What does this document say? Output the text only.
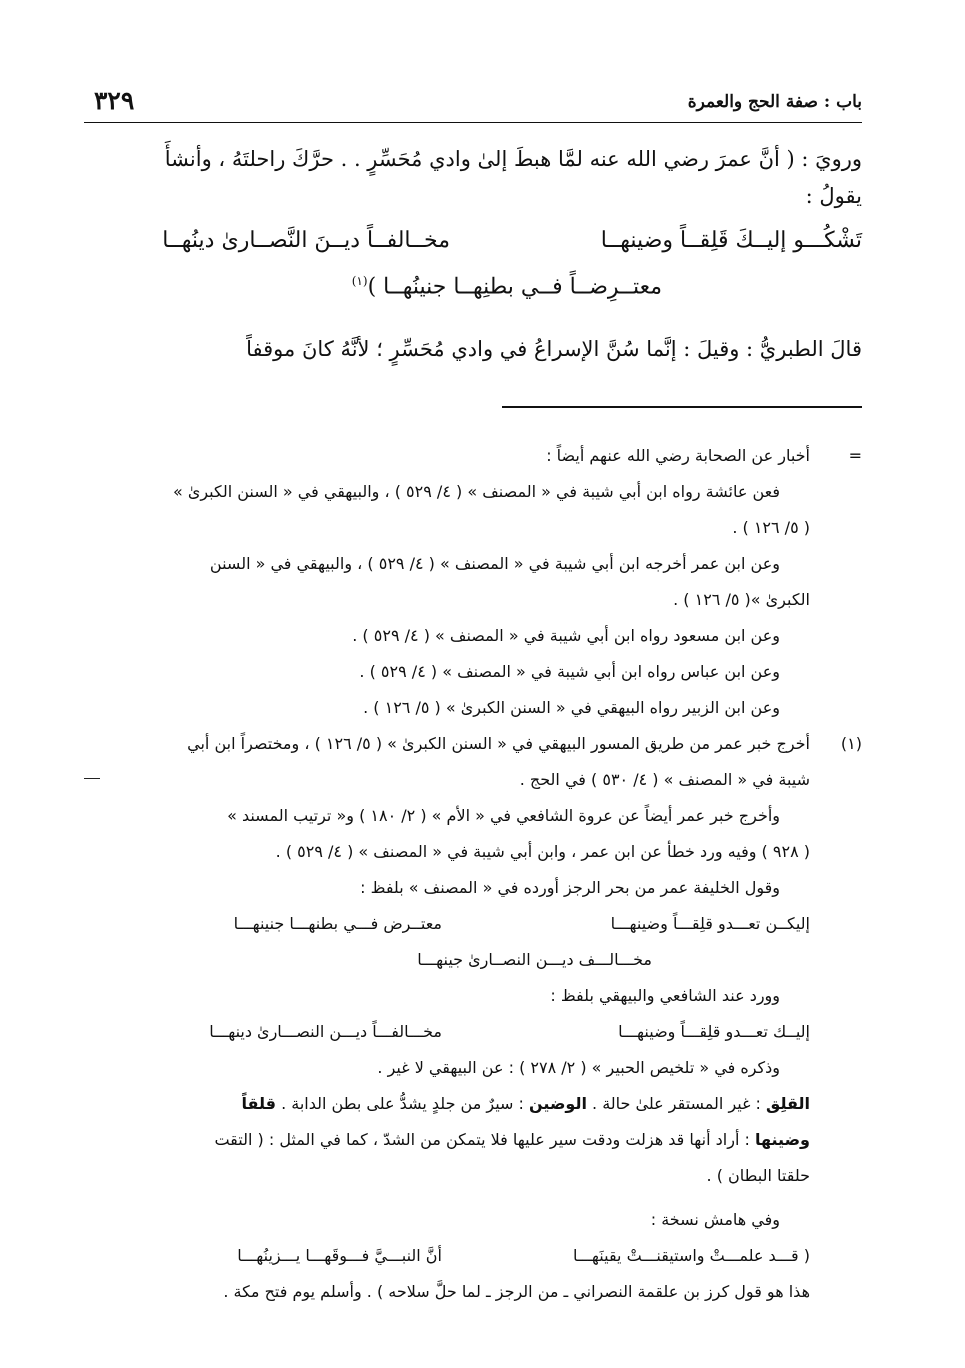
باب : صفة الحج والعمرة
٣٢٩

ورويَ : ( أنَّ عمرَ رضي الله عنه لمَّا هبطَ إلىٰ وادي مُحَسِّرٍ . . حرَّكَ راحلتَهُ ، وأنشأَ

يقولُ :

تَشْكُـــو إليــكَ قَلِقــاً وضينهــا
مخــالفــاً ديــنَ النَّصــارىٰ دينُهــا
معتــرِضــاً فــي بطنِهــا جنينُهــا )$^{(١)}$

قالَ الطبريُّ : وقيلَ : إنَّما سُنَّ الإسراعُ في وادي مُحَسِّرٍ ؛ لأنَّهُ كانَ موقفاً

=
أخبار عن الصحابة رضي الله عنهم أيضاً :
فعن عائشة رواه ابن أبي شيبة في « المصنف » ( ٤/ ٥٢٩ ) ، والبيهقي في « السنن الكبرىٰ »
( ٥/ ١٢٦ ) .
وعن ابن عمر أخرجه ابن أبي شيبة في « المصنف » ( ٤/ ٥٢٩ ) ، والبيهقي في « السنن
الكبرىٰ »( ٥/ ١٢٦ ) .
وعن ابن مسعود رواه ابن أبي شيبة في « المصنف » ( ٤/ ٥٢٩ ) .
وعن ابن عباس رواه ابن أبي شيبة في « المصنف » ( ٤/ ٥٢٩ ) .
وعن ابن الزبير رواه البيهقي في « السنن الكبرىٰ » ( ٥/ ١٢٦ ) .
(١)
أخرج خبر عمر من طريق المسور البيهقي في « السنن الكبرىٰ » ( ٥/ ١٢٦ ) ، ومختصراً ابن أبي
شيبة في « المصنف » ( ٤/ ٥٣٠ ) في الحج .
وأخرج خبر عمر أيضاً عن عروة الشافعي في « الأم » ( ٢/ ١٨٠ ) و« ترتيب المسند »
( ٩٢٨ ) وفيه ورد خطأ عن ابن عمر ، وابن أبي شيبة في « المصنف » ( ٤/ ٥٢٩ ) .
وقول الخليفة عمر من بحر الرجز أورده في « المصنف » بلفظ :
إليكــن تعـــدو قلِقـــاً وضينهـــا
معتــرض فـــي بطنهـــا جنينهـــا
مخـــالـــف ديـــن النصــارىٰ جينهـــا
وورد عند الشافعي والبيهقي بلفظ :
إليــك تعـــدو قلِقـــاً وضينهـــا
مخـــالفـــاً ديـــن النصـــارىٰ دينهـــا
وذكره في « تلخيص الحبير » ( ٢/ ٢٧٨ ) : عن البيهقي لا غير .
القلِق : غير المستقر علىٰ حالة . الوضين : سيرٌ من جلدٍ يشدُّ على بطن الدابة . قلقاً
وضينها : أراد أنها قد هزلت ودقت سير عليها فلا يتمكن من الشدّ ، كما في المثل : ( التقت
حلقتا البطان ) .
وفي هامش نسخة :
( قـــد علمـــتْ واستيقنـــتْ يقينَهـــا
أنَّ النبـــيَّ فـــوقَهـــا يـــزينُهـــا
هذا هو قول كرز بن علقمة النصراني ـ من الرجز ـ لما حلَّ سلاحه ) . وأسلم يوم فتح مكة .
